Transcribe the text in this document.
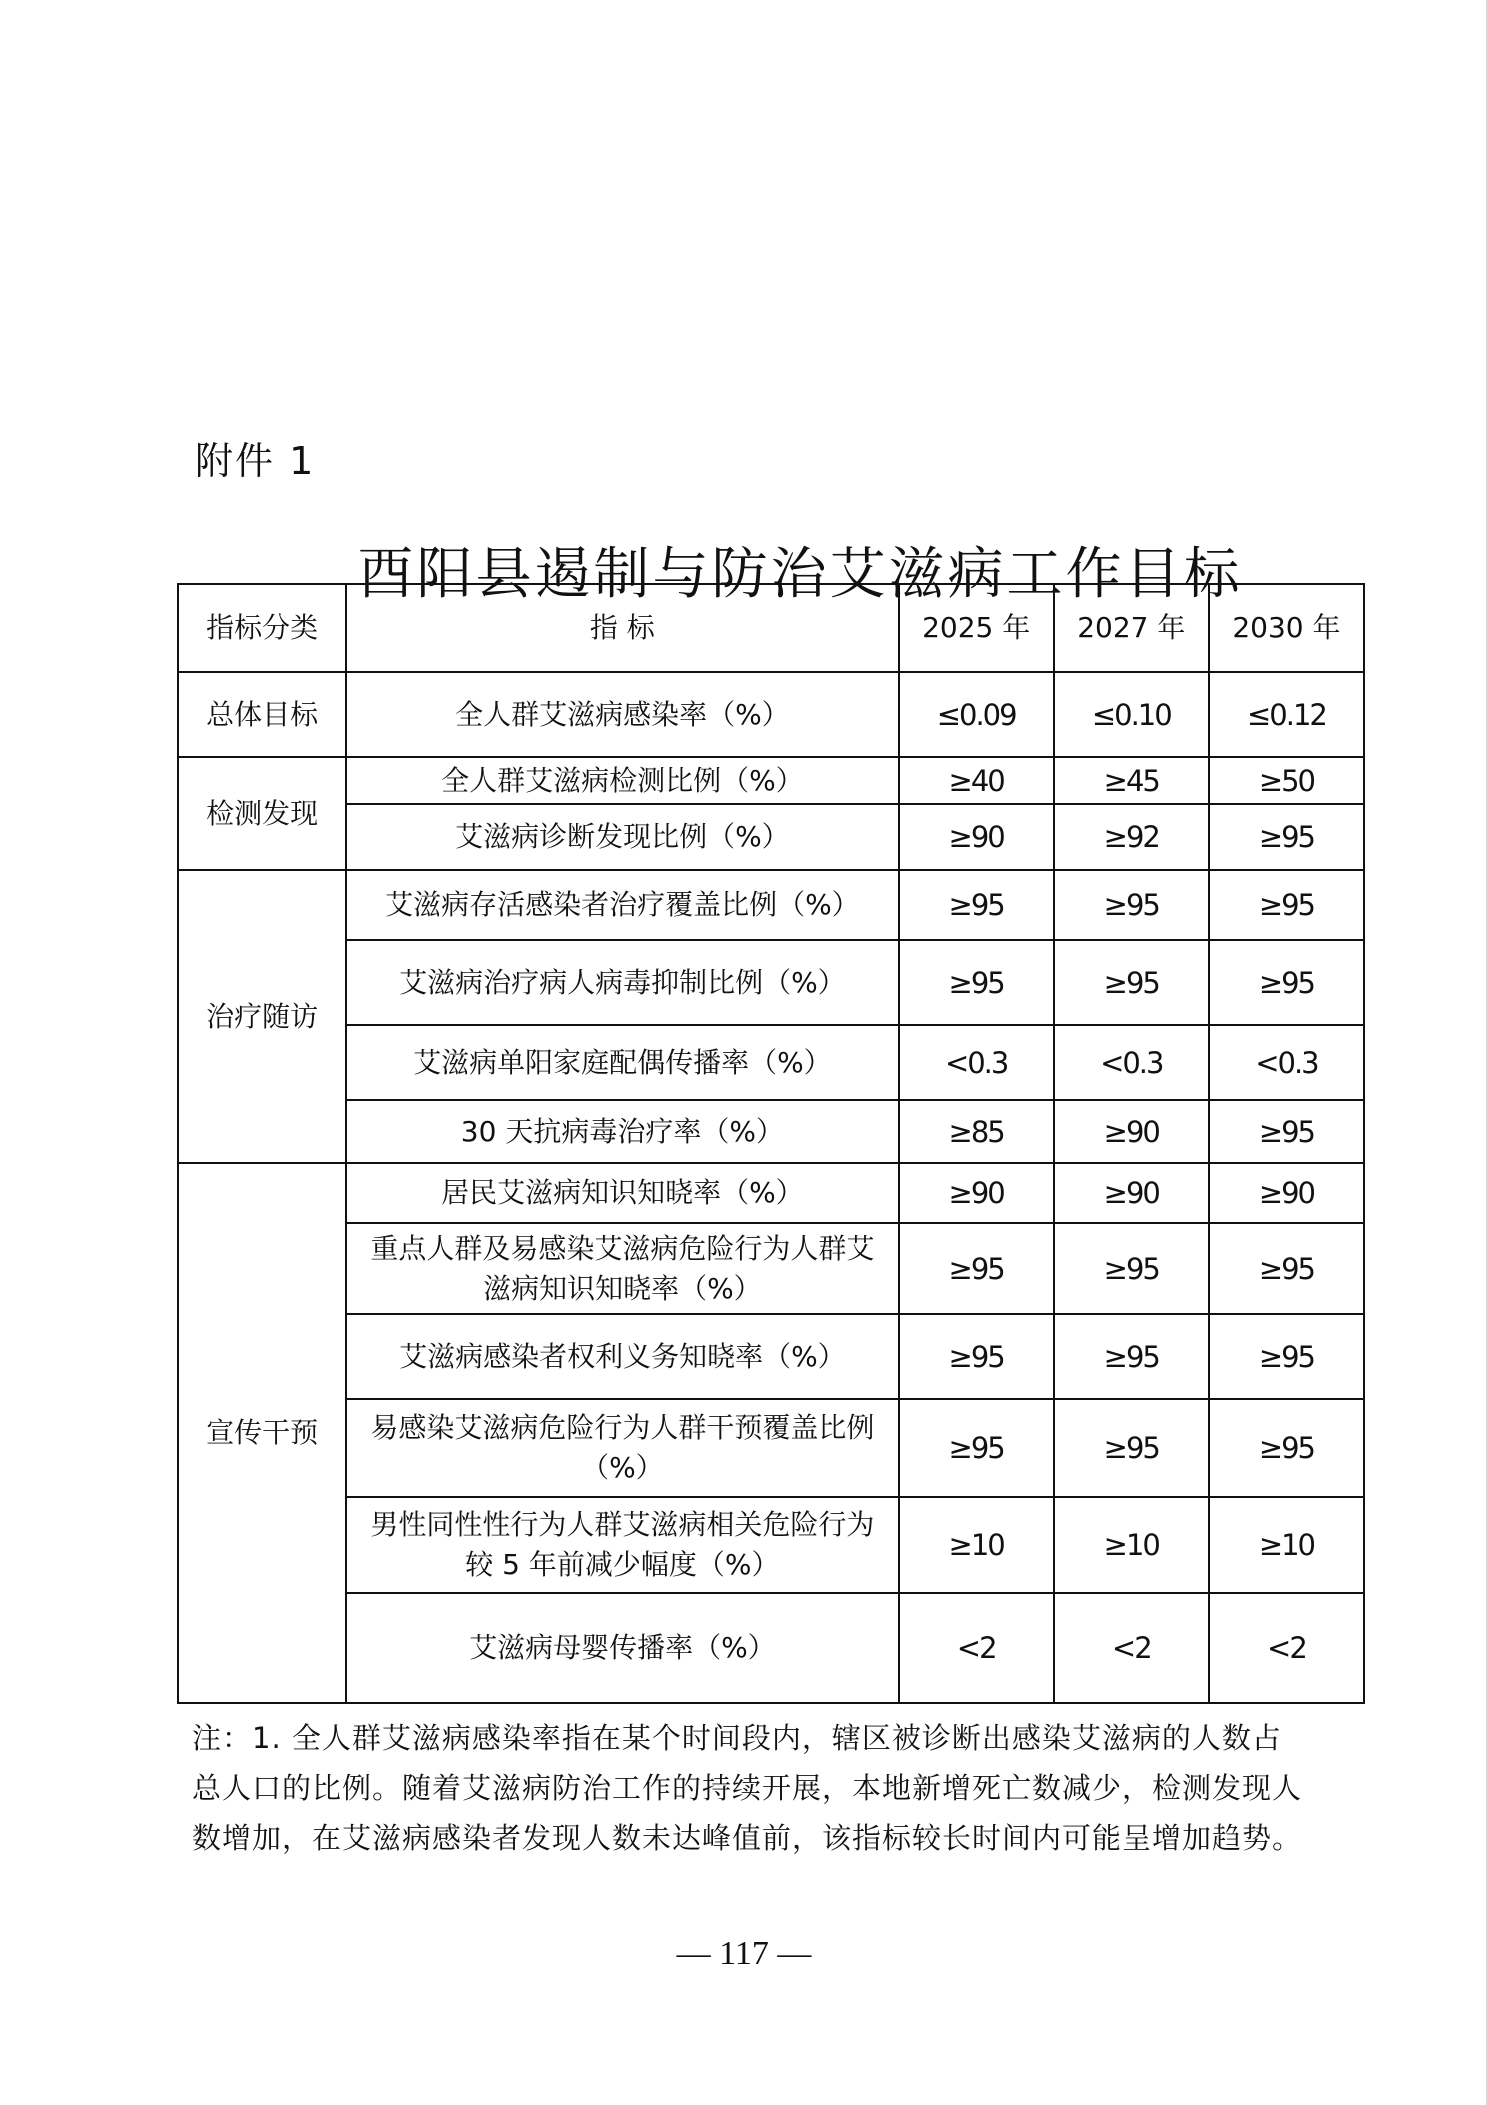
附件 1
酉阳县遏制与防治艾滋病工作目标
指标分类	指 标	2025 年	2027 年	2030 年
总体目标	全人群艾滋病感染率（%）	≤0.09	≤0.10	≤0.12
检测发现	全人群艾滋病检测比例（%）	≥40	≥45	≥50
	艾滋病诊断发现比例（%）	≥90	≥92	≥95
治疗随访	艾滋病存活感染者治疗覆盖比例（%）	≥95	≥95	≥95
	艾滋病治疗病人病毒抑制比例（%）	≥95	≥95	≥95
	艾滋病单阳家庭配偶传播率（%）	<0.3	<0.3	<0.3
	30 天抗病毒治疗率（%）	≥85	≥90	≥95
宣传干预	居民艾滋病知识知晓率（%）	≥90	≥90	≥90
	重点人群及易感染艾滋病危险行为人群艾滋病知识知晓率（%）	≥95	≥95	≥95
	艾滋病感染者权利义务知晓率（%）	≥95	≥95	≥95
	易感染艾滋病危险行为人群干预覆盖比例（%）	≥95	≥95	≥95
	男性同性性行为人群艾滋病相关危险行为较 5 年前减少幅度（%）	≥10	≥10	≥10
	艾滋病母婴传播率（%）	<2	<2	<2

注：1. 全人群艾滋病感染率指在某个时间段内，辖区被诊断出感染艾滋病的人数占

总人口的比例。随着艾滋病防治工作的持续开展，本地新增死亡数减少，检测发现人

数增加，在艾滋病感染者发现人数未达峰值前，该指标较长时间内可能呈增加趋势。

— 117 —
